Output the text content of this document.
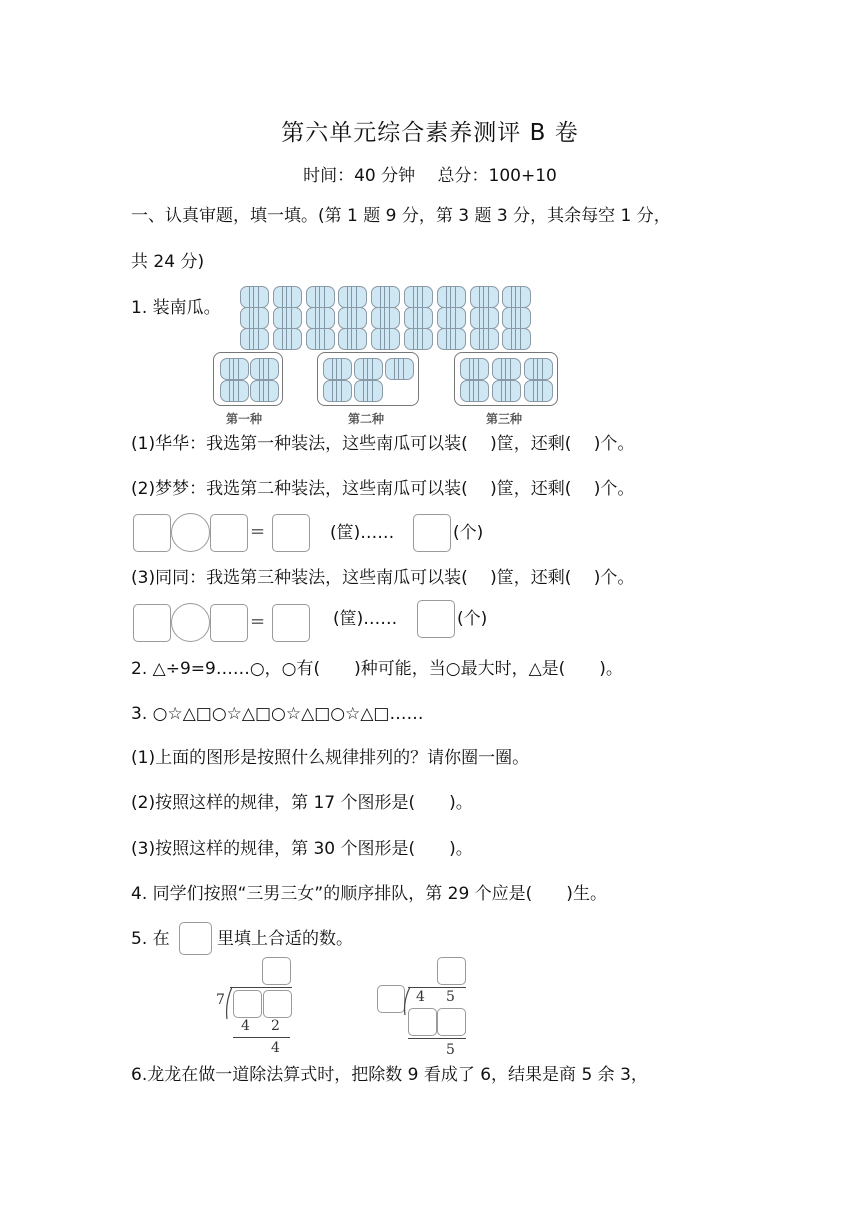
第六单元综合素养测评 B 卷
时间：40 分钟　 总分：100+10
一、认真审题，填一填。(第 1 题 9 分，第 3 题 3 分，其余每空 1 分，
共 24 分)
1. 装南瓜。
第一种	第二种	第三种
(1)华华：我选第一种装法，这些南瓜可以装(　 )筐，还剩(　 )个。
(2)梦梦：我选第二种装法，这些南瓜可以装(　 )筐，还剩(　 )个。
=	(筐)……	(个)
(3)同同：我选第三种装法，这些南瓜可以装(　 )筐，还剩(　 )个。
=	(筐)……	(个)
2. △÷9=9……○，○有(　　)种可能，当○最大时，△是(　　)。
3. ○☆△□○☆△□○☆△□○☆△□……
(1)上面的图形是按照什么规律排列的？请你圈一圈。
(2)按照这样的规律，第 17 个图形是(　　)。
(3)按照这样的规律，第 30 个图形是(　　)。
4. 同学们按照“三男三女”的顺序排队，第 29 个应是(　　)生。
5. 在	里填上合适的数。
7
4 2
4
4 5
5
6.龙龙在做一道除法算式时，把除数 9 看成了 6，结果是商 5 余 3，
